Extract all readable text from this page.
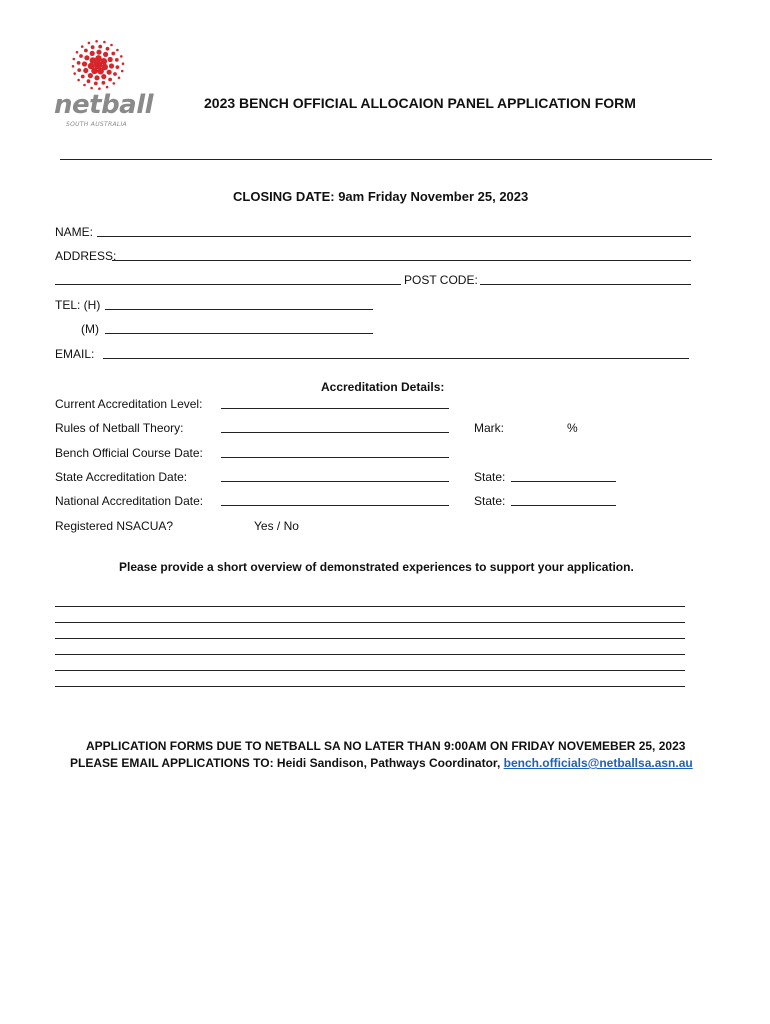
netball
SOUTH AUSTRALIA
2023 BENCH OFFICIAL ALLOCAION PANEL APPLICATION FORM
CLOSING DATE: 9am Friday November 25, 2023
NAME:
ADDRESS:
POST CODE:
TEL: (H)
(M)
EMAIL:
Accreditation Details:
Current Accreditation Level:
Rules of Netball Theory:	Mark:	%
Bench Official Course Date:
State Accreditation Date:	State:
National Accreditation Date:	State:
Registered NSACUA?	Yes / No
Please provide a short overview of demonstrated experiences to support your application.
APPLICATION FORMS DUE TO NETBALL SA NO LATER THAN 9:00AM ON FRIDAY NOVEMEBER 25, 2023
PLEASE EMAIL APPLICATIONS TO: Heidi Sandison, Pathways Coordinator, bench.officials@netballsa.asn.au
